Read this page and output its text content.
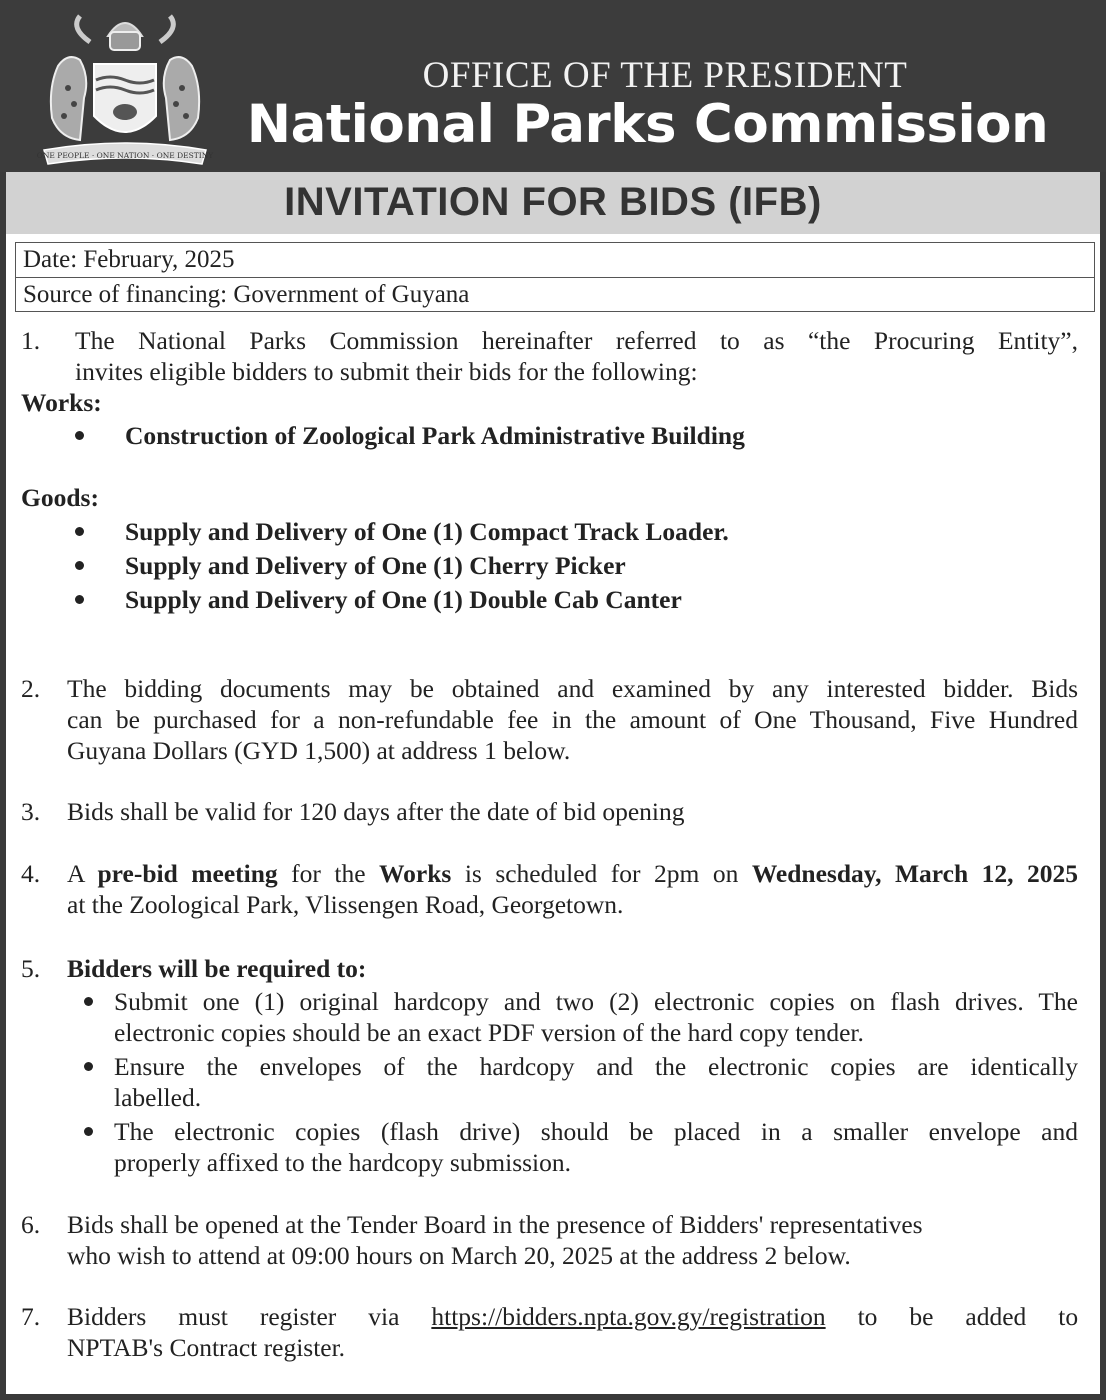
ONE PEOPLE · ONE NATION · ONE DESTINY
OFFICE OF THE PRESIDENT
National Parks Commission
INVITATION FOR BIDS (IFB)
Date: February, 2025
Source of financing: Government of Guyana
1. The National Parks Commission hereinafter referred to as “the Procuring Entity”,
invites eligible bidders to submit their bids for the following:
Works:
Construction of Zoological Park Administrative Building
Goods:
Supply and Delivery of One (1) Compact Track Loader.
Supply and Delivery of One (1) Cherry Picker
Supply and Delivery of One (1) Double Cab Canter
2. The bidding documents may be obtained and examined by any interested bidder. Bids
can be purchased for a non-refundable fee in the amount of One Thousand, Five Hundred
Guyana Dollars (GYD 1,500) at address 1 below.
3. Bids shall be valid for 120 days after the date of bid opening
4. A pre-bid meeting for the Works is scheduled for 2pm on Wednesday, March 12, 2025
at the Zoological Park, Vlissengen Road, Georgetown.
5. Bidders will be required to:
Submit one (1) original hardcopy and two (2) electronic copies on flash drives. The
electronic copies should be an exact PDF version of the hard copy tender.
Ensure the envelopes of the hardcopy and the electronic copies are identically
labelled.
The electronic copies (flash drive) should be placed in a smaller envelope and
properly affixed to the hardcopy submission.
6. Bids shall be opened at the Tender Board in the presence of Bidders' representatives
who wish to attend at 09:00 hours on March 20, 2025 at the address 2 below.
7. Bidders must register via https://bidders.npta.gov.gy/registration to be added to
NPTAB's Contract register.
